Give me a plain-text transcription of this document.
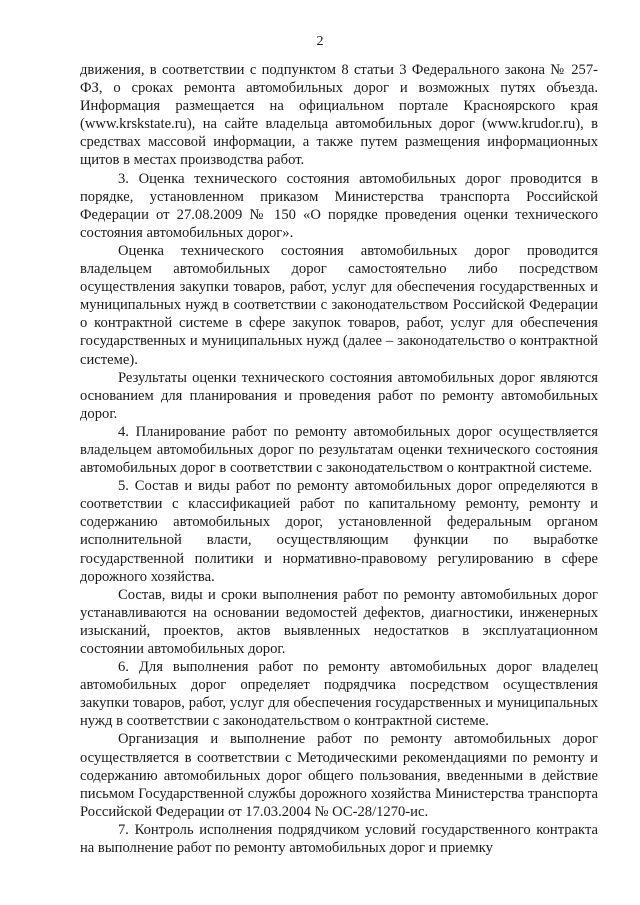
2

движения, в соответствии с подпунктом 8 статьи 3 Федерального закона № 257-ФЗ, о сроках ремонта автомобильных дорог и возможных путях объезда. Информация размещается на официальном портале Красноярского края (www.krskstate.ru), на сайте владельца автомобильных дорог (www.krudor.ru), в средствах массовой информации, а также путем размещения информационных щитов в местах производства работ.

3. Оценка технического состояния автомобильных дорог проводится в порядке, установленном приказом Министерства транспорта Российской Федерации от 27.08.2009 № 150 «О порядке проведения оценки технического состояния автомобильных дорог».

Оценка технического состояния автомобильных дорог проводится владельцем автомобильных дорог самостоятельно либо посредством осуществления закупки товаров, работ, услуг для обеспечения государственных и муниципальных нужд в соответствии с законодательством Российской Федерации о контрактной системе в сфере закупок товаров, работ, услуг для обеспечения государственных и муниципальных нужд (далее – законодательство о контрактной системе).

Результаты оценки технического состояния автомобильных дорог являются основанием для планирования и проведения работ по ремонту автомобильных дорог.

4. Планирование работ по ремонту автомобильных дорог осуществляется владельцем автомобильных дорог по результатам оценки технического состояния автомобильных дорог в соответствии с законодательством о контрактной системе.

5. Состав и виды работ по ремонту автомобильных дорог определяются в соответствии с классификацией работ по капитальному ремонту, ремонту и содержанию автомобильных дорог, установленной федеральным органом исполнительной власти, осуществляющим функции по выработке государственной политики и нормативно-правовому регулированию в сфере дорожного хозяйства.

Состав, виды и сроки выполнения работ по ремонту автомобильных дорог устанавливаются на основании ведомостей дефектов, диагностики, инженерных изысканий, проектов, актов выявленных недостатков в эксплуатационном состоянии автомобильных дорог.

6. Для выполнения работ по ремонту автомобильных дорог владелец автомобильных дорог определяет подрядчика посредством осуществления закупки товаров, работ, услуг для обеспечения государственных и муниципальных нужд в соответствии с законодательством о контрактной системе.

Организация и выполнение работ по ремонту автомобильных дорог осуществляется в соответствии с Методическими рекомендациями по ремонту и содержанию автомобильных дорог общего пользования, введенными в действие письмом Государственной службы дорожного хозяйства Министерства транспорта Российской Федерации от 17.03.2004 № ОС-28/1270-ис.

7. Контроль исполнения подрядчиком условий государственного контракта на выполнение работ по ремонту автомобильных дорог и приемку
